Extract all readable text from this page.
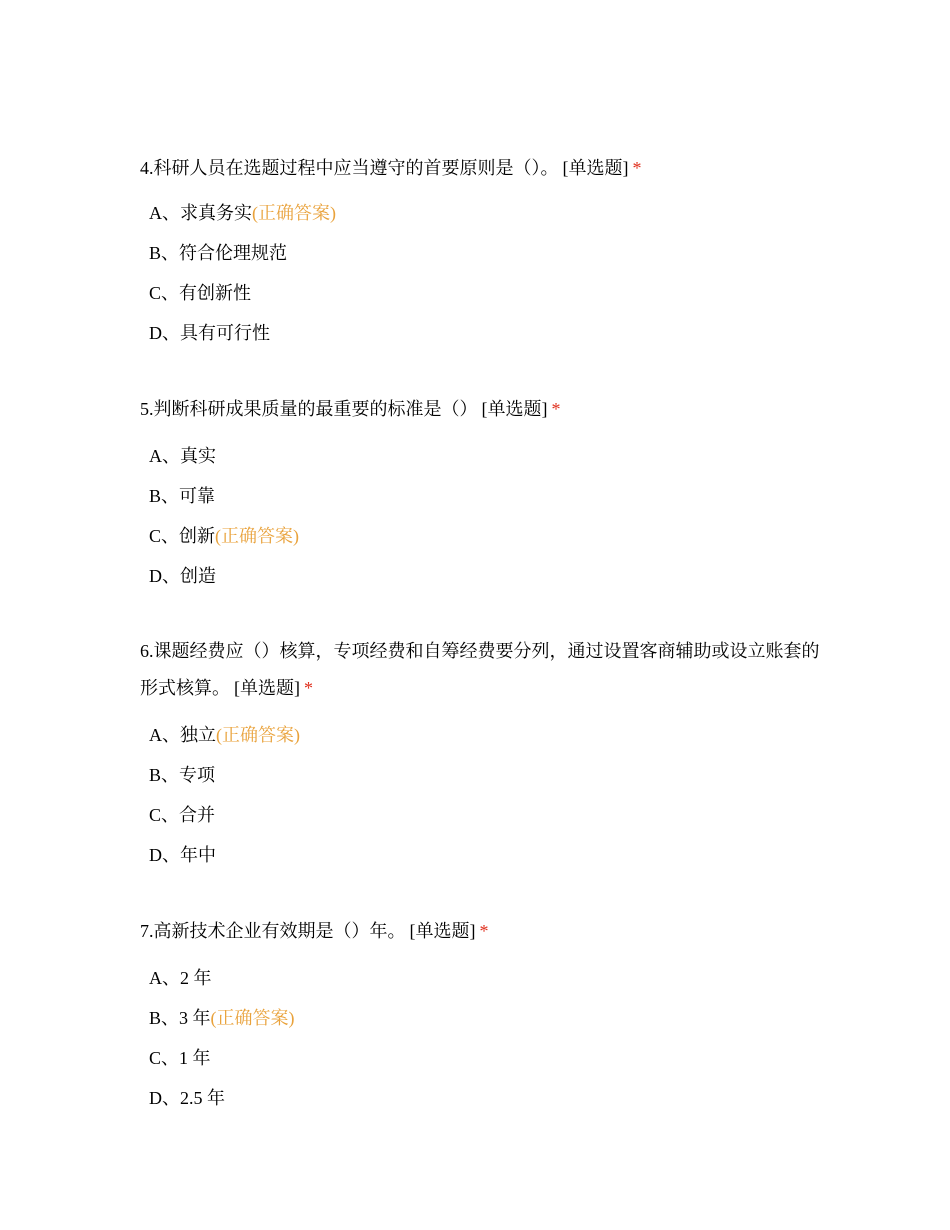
4.科研人员在选题过程中应当遵守的首要原则是（）。 [单选题] *

A、求真务实(正确答案)
B、符合伦理规范
C、有创新性
D、具有可行性

5.判断科研成果质量的最重要的标准是（） [单选题] *

A、真实
B、可靠
C、创新(正确答案)
D、创造

6.课题经费应（）核算，专项经费和自筹经费要分列，通过设置客商辅助或设立账套的形式核算。 [单选题] *

A、独立(正确答案)
B、专项
C、合并
D、年中

7.高新技术企业有效期是（）年。 [单选题] *

A、2 年
B、3 年(正确答案)
C、1 年
D、2.5 年
